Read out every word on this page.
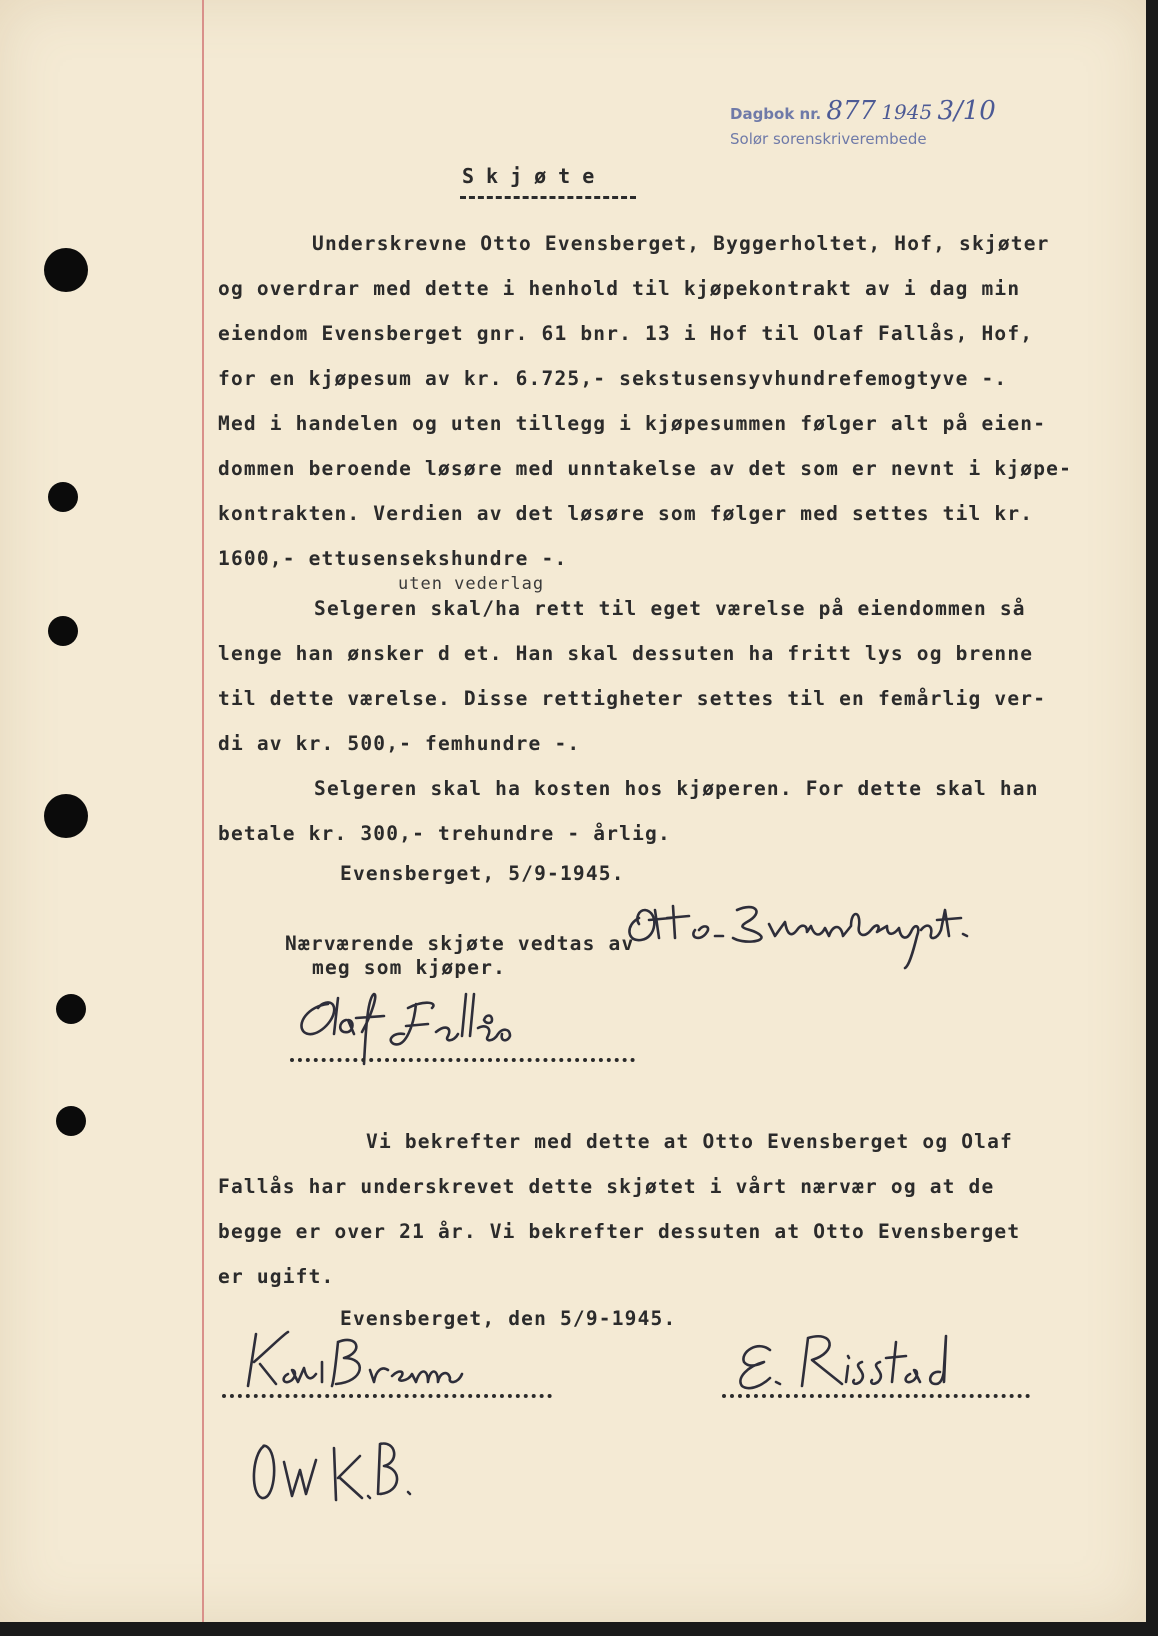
Dagbok nr. 877 1945 3/10
Solør sorenskriverembede
Skjøte
Underskrevne Otto Evensberget, Byggerholtet, Hof, skjøter
og overdrar med dette i henhold til kjøpekontrakt av i dag min
eiendom Evensberget gnr. 61 bnr. 13 i Hof til Olaf Fallås, Hof,
for en kjøpesum av kr. 6.725,- sekstusensyvhundrefemogtyve -.
Med i handelen og uten tillegg i kjøpesummen følger alt på eien-
dommen beroende løsøre med unntakelse av det som er nevnt i kjøpe-
kontrakten. Verdien av det løsøre som følger med settes til kr.
1600,- ettusensekshundre -.
uten vederlag
Selgeren skal/ha rett til eget værelse på eiendommen så
lenge han ønsker d et. Han skal dessuten ha fritt lys og brenne
til dette værelse. Disse rettigheter settes til en femårlig ver-
di av kr. 500,- femhundre -.
Selgeren skal ha kosten hos kjøperen. For dette skal han
betale kr. 300,- trehundre - årlig.
Evensberget, 5/9-1945.
Nærværende skjøte vedtas av
meg som kjøper.
Vi bekrefter med dette at Otto Evensberget og Olaf
Fallås har underskrevet dette skjøtet i vårt nærvær og at de
begge er over 21 år. Vi bekrefter dessuten at Otto Evensberget
er ugift.
Evensberget, den 5/9-1945.
